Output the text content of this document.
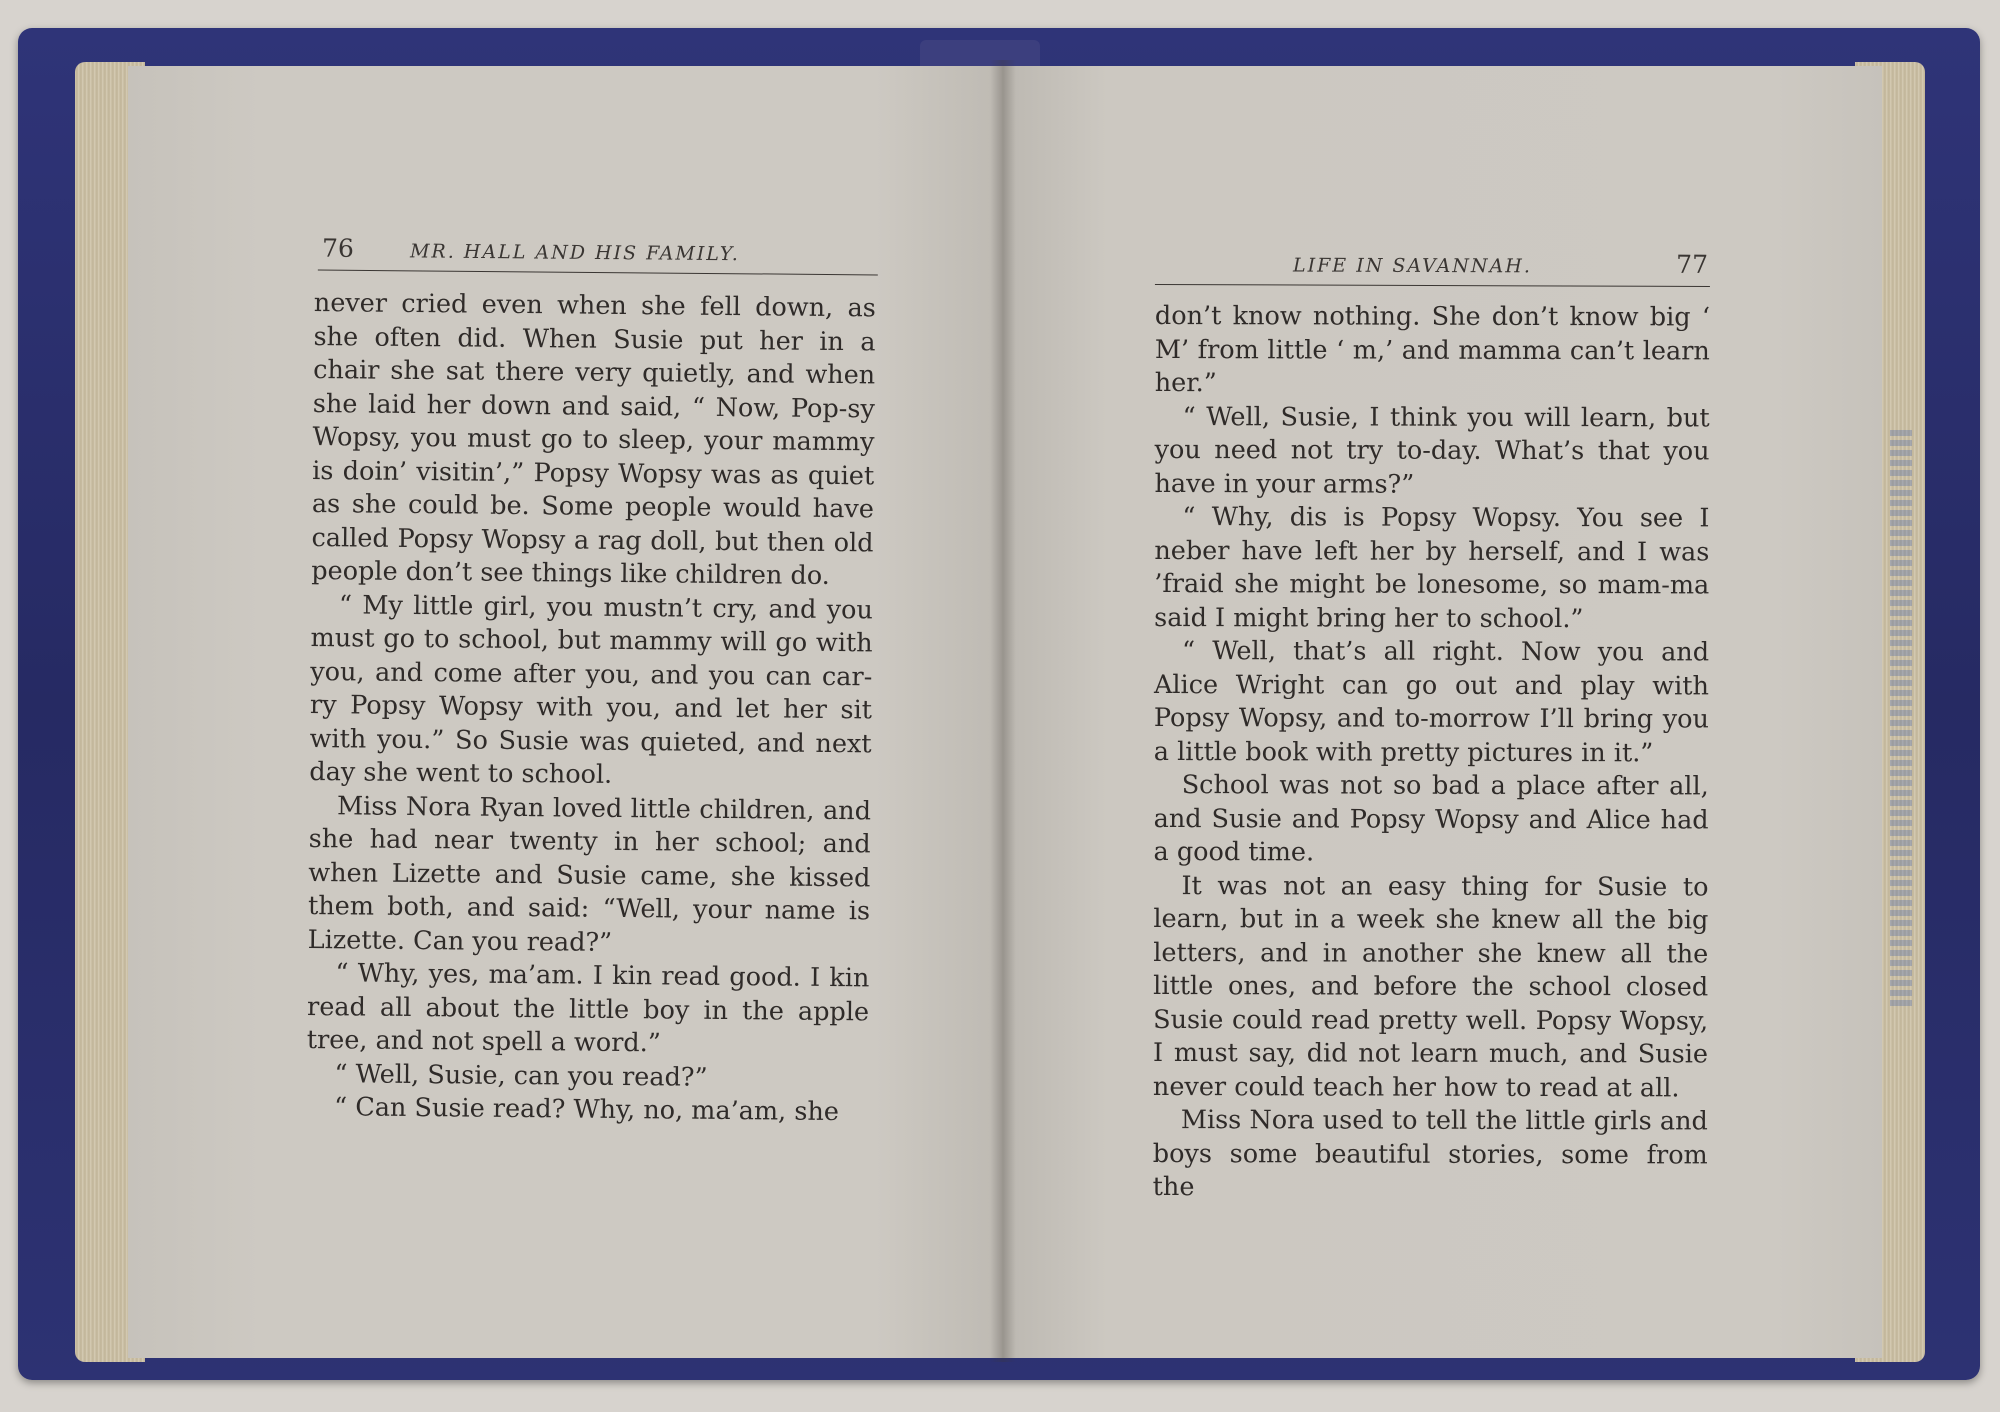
76	MR. HALL AND HIS FAMILY.

never cried even when she fell down, as she often did. When Susie put her in a chair she sat there very quietly, and when she laid her down and said, “ Now, Pop-sy Wopsy, you must go to sleep, your mammy is doin’ visitin’,” Popsy Wopsy was as quiet as she could be. Some people would have called Popsy Wopsy a rag doll, but then old people don’t see things like children do.

“ My little girl, you mustn’t cry, and you must go to school, but mammy will go with you, and come after you, and you can car-ry Popsy Wopsy with you, and let her sit with you.” So Susie was quieted, and next day she went to school.

Miss Nora Ryan loved little children, and she had near twenty in her school; and when Lizette and Susie came, she kissed them both, and said: “Well, your name is Lizette. Can you read?”

“ Why, yes, ma’am. I kin read good. I kin read all about the little boy in the apple tree, and not spell a word.”

“ Well, Susie, can you read?”

“ Can Susie read? Why, no, ma’am, she

LIFE IN SAVANNAH.	77

don’t know nothing. She don’t know big ‘ M’ from little ‘ m,’ and mamma can’t learn her.”

“ Well, Susie, I think you will learn, but you need not try to-day. What’s that you have in your arms?”

“ Why, dis is Popsy Wopsy. You see I neber have left her by herself, and I was ’fraid she might be lonesome, so mam-ma said I might bring her to school.”

“ Well, that’s all right. Now you and Alice Wright can go out and play with Popsy Wopsy, and to-morrow I’ll bring you a little book with pretty pictures in it.”

School was not so bad a place after all, and Susie and Popsy Wopsy and Alice had a good time.

It was not an easy thing for Susie to learn, but in a week she knew all the big letters, and in another she knew all the little ones, and before the school closed Susie could read pretty well. Popsy Wopsy, I must say, did not learn much, and Susie never could teach her how to read at all.

Miss Nora used to tell the little girls and boys some beautiful stories, some from the
